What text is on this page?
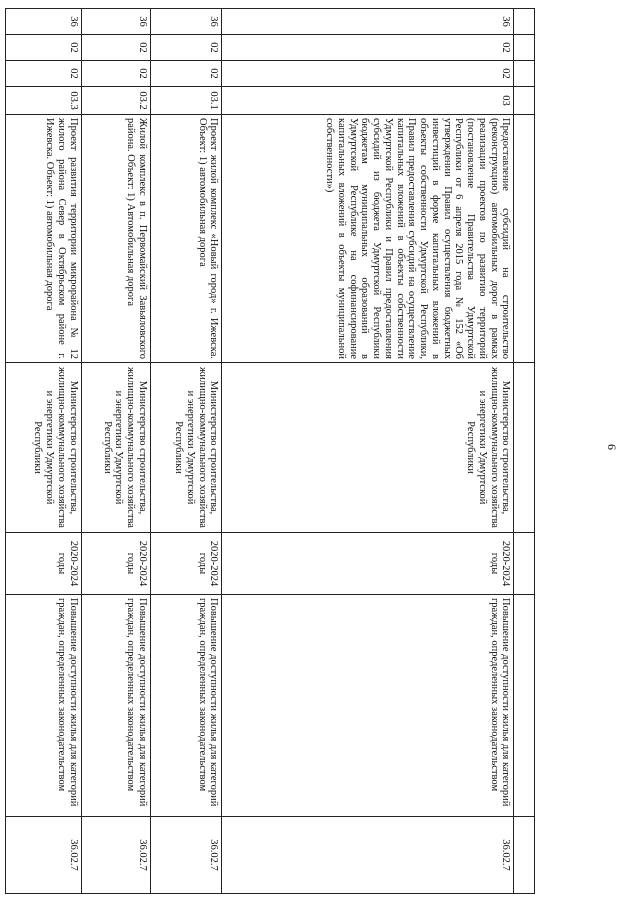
9

36	02	02	03	Предоставление субсидий на строительство (реконструкцию) автомобильных дорог в рамках реализации проектов по развитию территорий (постановление Правительства Удмуртской Республики от 6 апреля 2015 года № 152 «Об утверждении Правил осуществления бюджетных инвестиций в форме капитальных вложений в объекты собственности Удмуртской Республики, Правил предоставления субсидий на осуществление капитальных вложений в объекты собственности Удмуртской Республики и Правил предоставления субсидий из бюджета Удмуртской Республики бюджетам муниципальных образований в Удмуртской Республике на софинансирование капитальных вложений в объекты муниципальной собственности»)	Министерство строительства, жилищно-коммунального хозяйства и энергетики Удмуртской Республики	2020-2024 годы	Повышение доступности жилья для категорий граждан, определенных законодательством	36.02.7
36	02	02	03.1	Проект жилой комплекс «Новый город» г. Ижевска. Объект: 1) автомобильная дорога	Министерство строительства, жилищно-коммунального хозяйства и энергетики Удмуртской Республики	2020-2024 годы	Повышение доступности жилья для категорий граждан, определенных законодательством	36.02.7
36	02	02	03.2	Жилой комплекс в п. Первомайский Завьяловского района. Объект: 1) Автомобильная дорога	Министерство строительства, жилищно-коммунального хозяйства и энергетики Удмуртской Республики	2020-2024 годы	Повышение доступности жилья для категорий граждан, определенных законодательством	36.02.7
36	02	02	03.3	Проект развития территории микрорайона № 12 жилого района Север в Октябрьском районе г. Ижевска. Объект: 1) автомобильная дорога	Министерство строительства, жилищно-коммунального хозяйства и энергетики Удмуртской Республики	2020-2024 годы	Повышение доступности жилья для категорий граждан, определенных законодательством	36.02.7
